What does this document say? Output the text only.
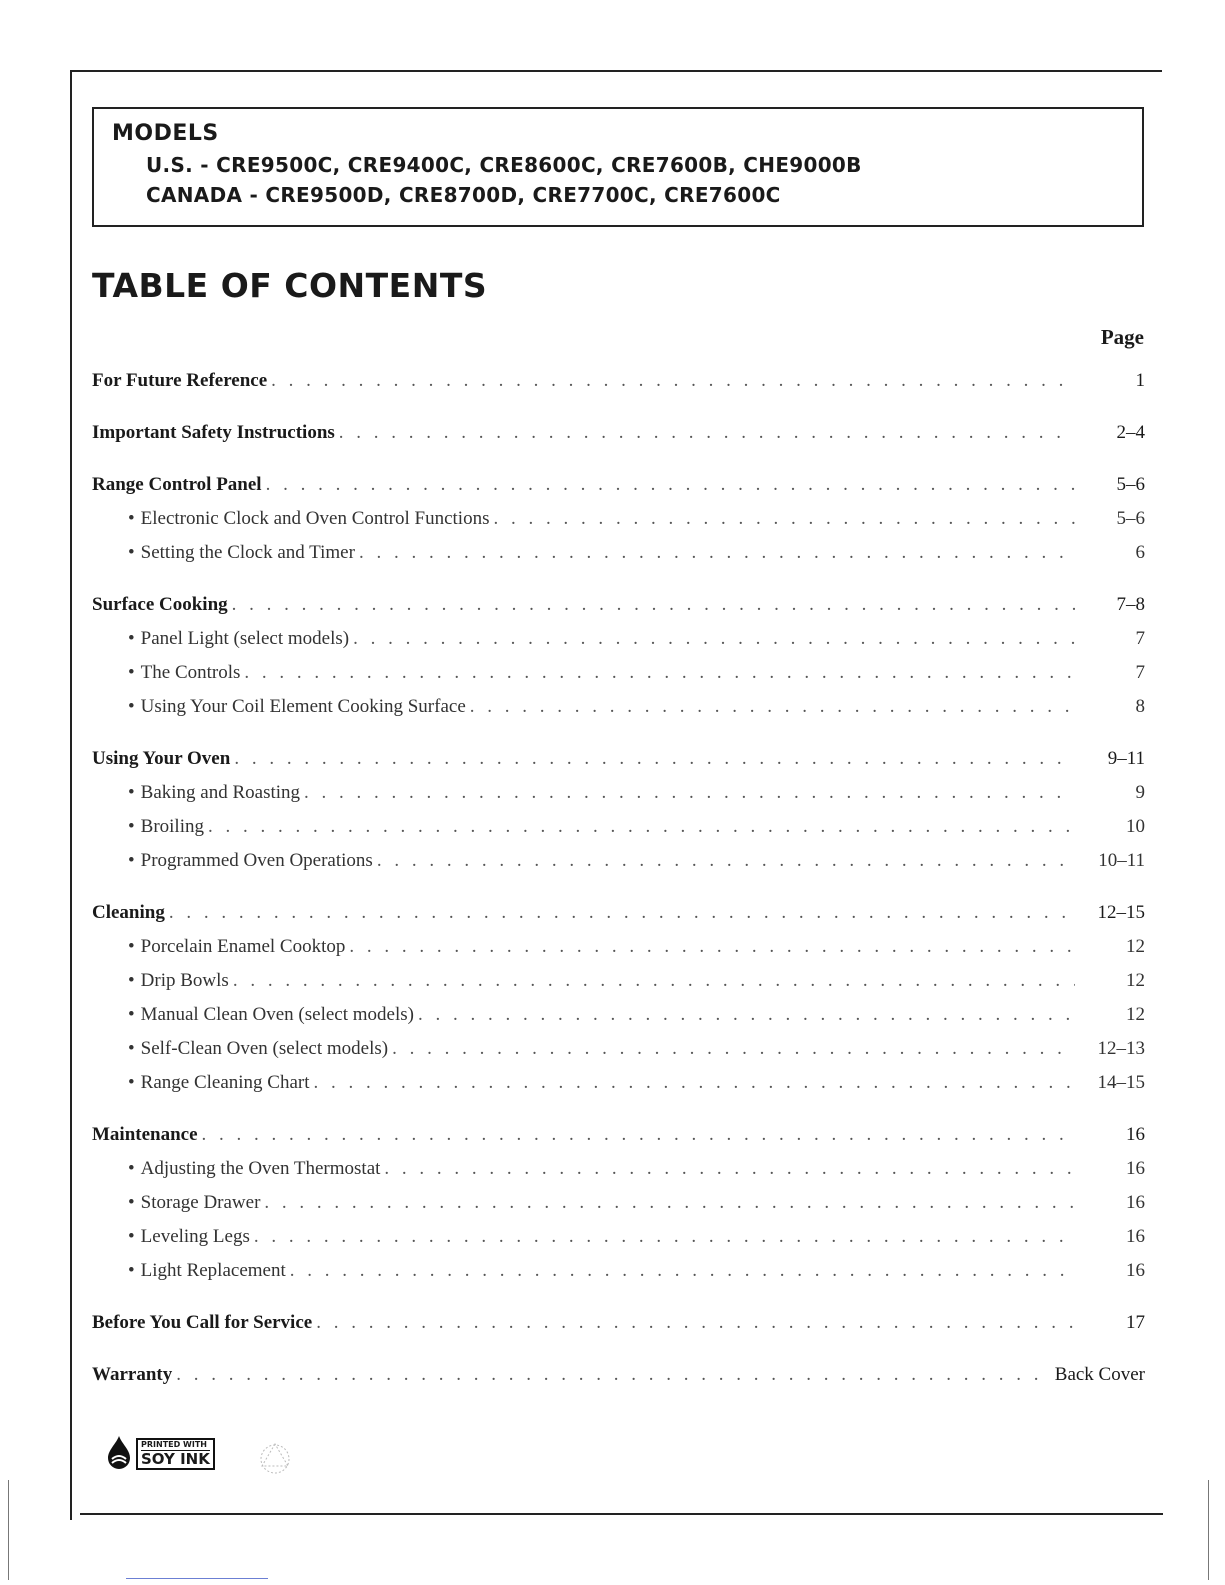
MODELS

U.S. - CRE9500C, CRE9400C, CRE8600C, CRE7600B, CHE9000B

CANADA - CRE9500D, CRE8700D, CRE7700C, CRE7600C

TABLE OF CONTENTS
Page
For Future Reference . . .	1
Important Safety Instructions . . .	2–4
Range Control Panel . . .	5–6
• Electronic Clock and Oven Control Functions . . .	5–6
• Setting the Clock and Timer . . .	6
Surface Cooking . . .	7–8
• Panel Light (select models) . . .	7
• The Controls . . .	7
• Using Your Coil Element Cooking Surface . . .	8
Using Your Oven . . .	9–11
• Baking and Roasting . . .	9
• Broiling . . .	10
• Programmed Oven Operations . . .	10–11
Cleaning . . .	12–15
• Porcelain Enamel Cooktop . . .	12
• Drip Bowls . . .	12
• Manual Clean Oven (select models) . . .	12
• Self-Clean Oven (select models) . . .	12–13
• Range Cleaning Chart . . .	14–15
Maintenance . . .	16
• Adjusting the Oven Thermostat . . .	16
• Storage Drawer . . .	16
• Leveling Legs . . .	16
• Light Replacement . . .	16
Before You Call for Service . . .	17
Warranty . . .	Back Cover
PRINTED WITH
SOY INK
